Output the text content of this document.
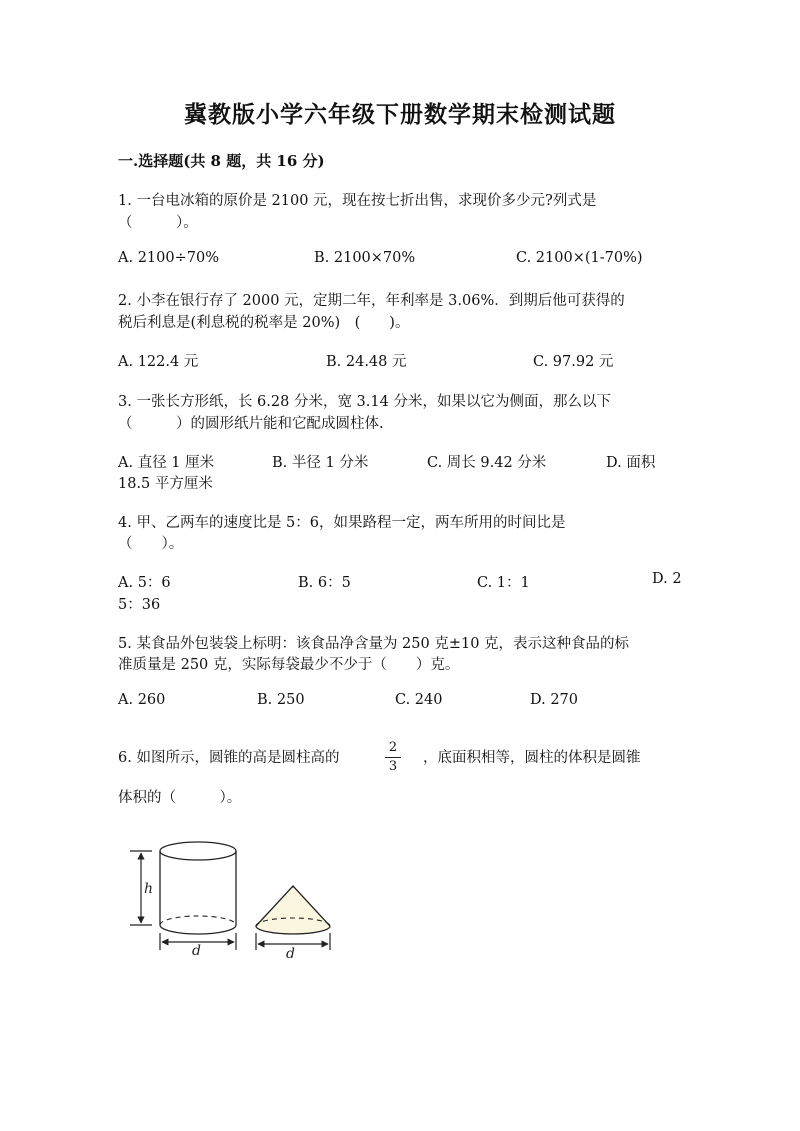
冀教版小学六年级下册数学期末检测试题
一.选择题(共 8 题，共 16 分)
1. 一台电冰箱的原价是 2100 元，现在按七折出售，求现价多少元?列式是
（　　　）。
A. 2100÷70%	B. 2100×70%	C. 2100×(1-70%)
2. 小李在银行存了 2000 元，定期二年，年利率是 3.06%．到期后他可获得的
税后利息是(利息税的税率是 20%)　(　　)。
A. 122.4 元	B. 24.48 元	C. 97.92 元
3. 一张长方形纸，长 6.28 分米，宽 3.14 分米，如果以它为侧面，那么以下
（　　　）的圆形纸片能和它配成圆柱体.
A. 直径 1 厘米	B. 半径 1 分米	C. 周长 9.42 分米	D. 面积
18.5 平方厘米
4. 甲、乙两车的速度比是 5：6，如果路程一定，两车所用的时间比是
（　　）。
A. 5：6	B. 6：5	C. 1：1	D. 2
5：36
5. 某食品外包装袋上标明：该食品净含量为 250 克±10 克，表示这种食品的标
准质量是 250 克，实际每袋最少不少于（　　）克。
A. 260	B. 250	C. 240	D. 270
6. 如图所示，圆锥的高是圆柱高的
2
3
，底面积相等，圆柱的体积是圆锥
体积的（　　　）。
h
d	d
